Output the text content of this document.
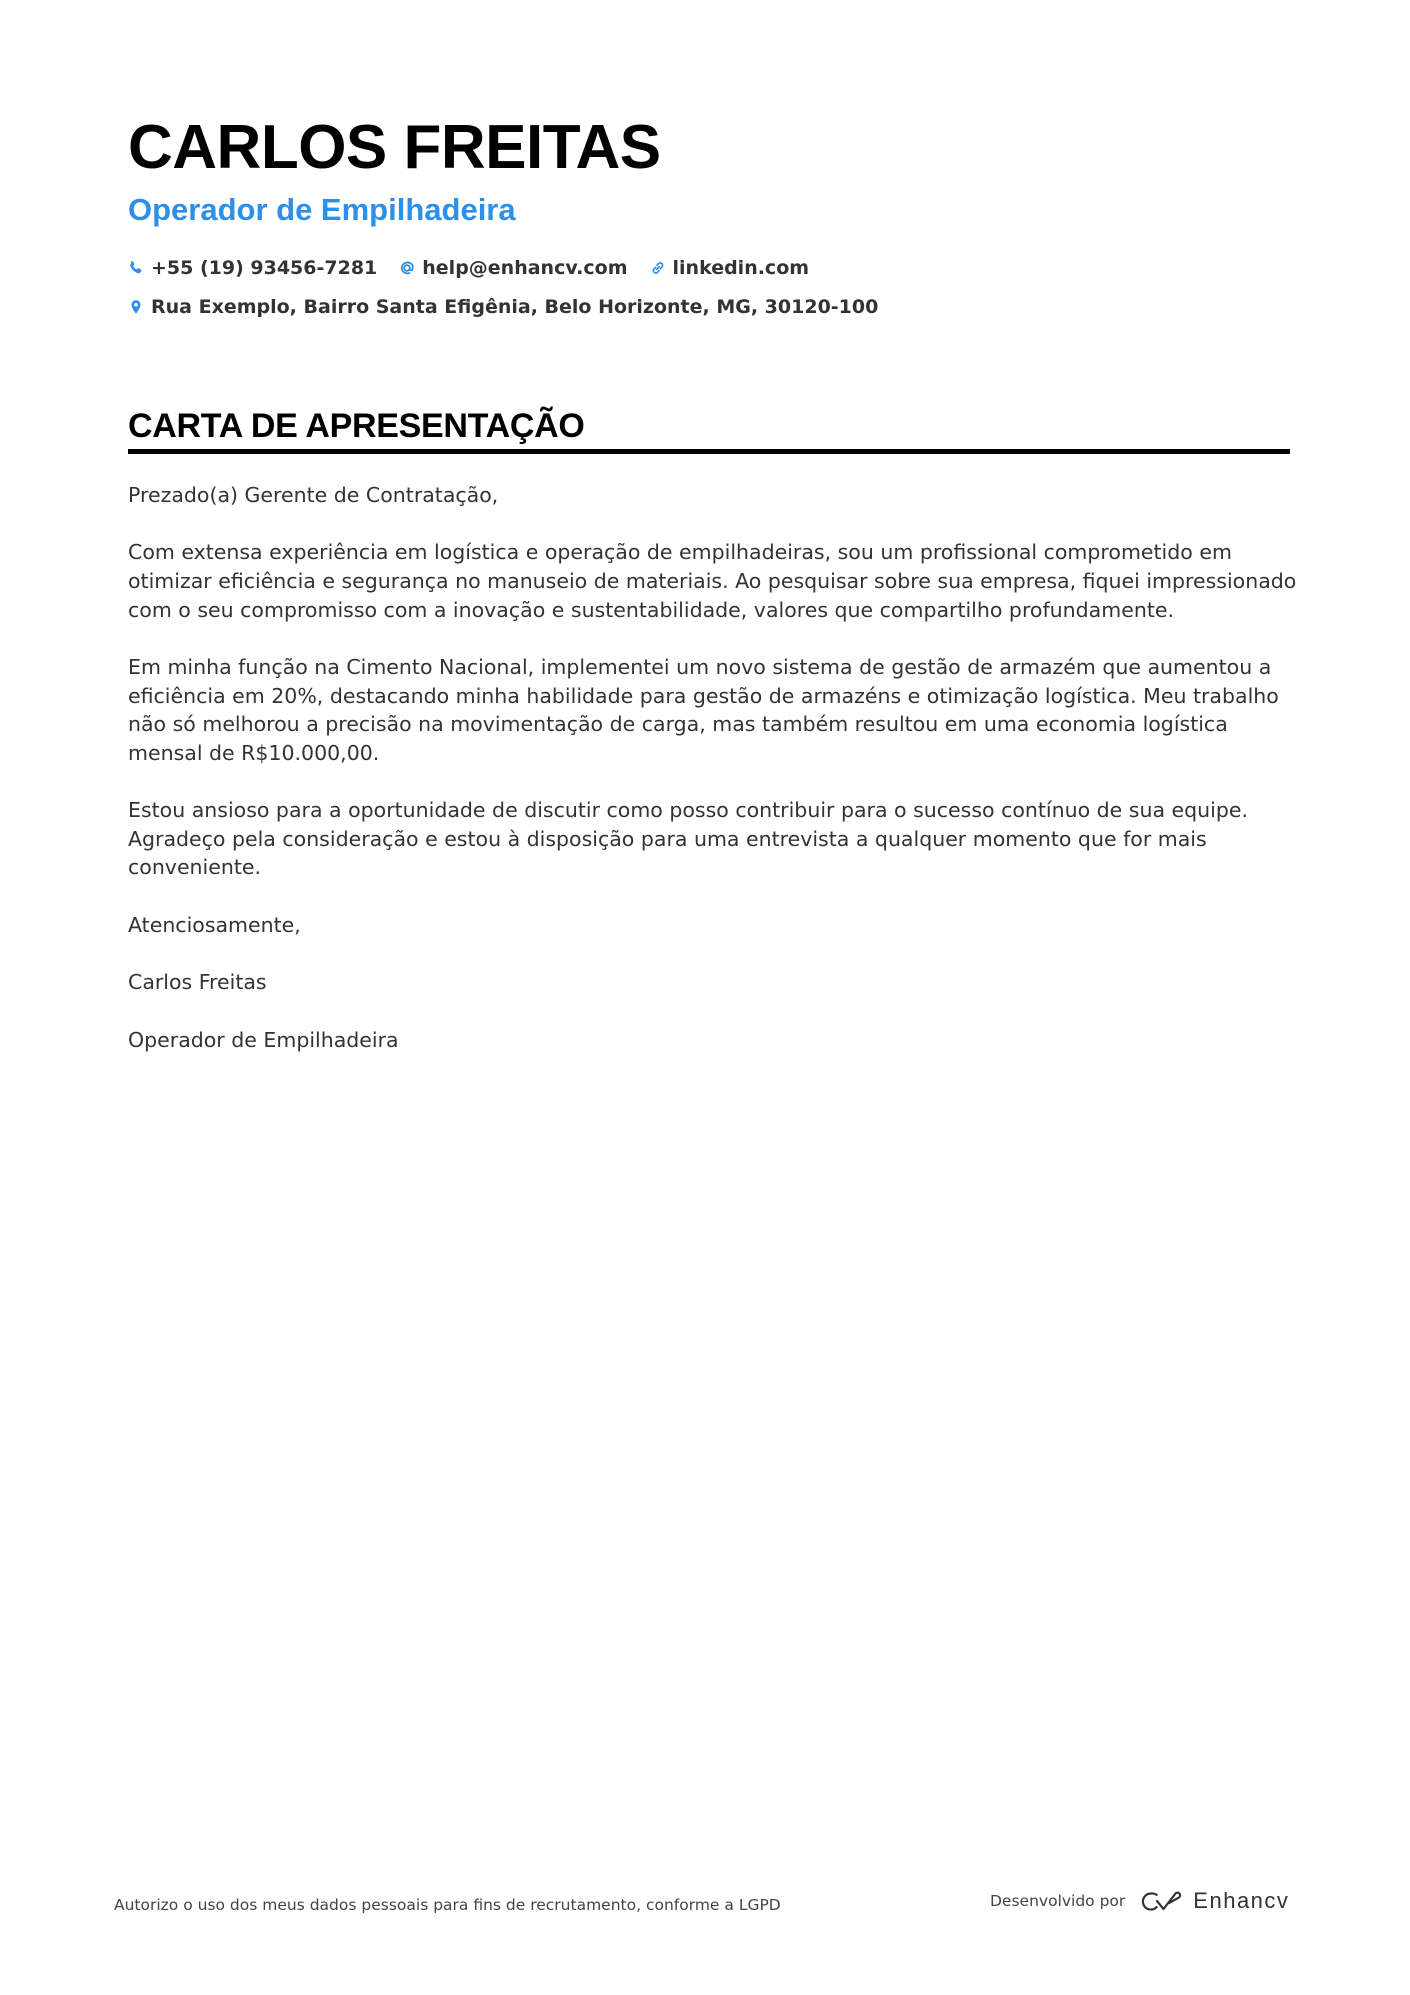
CARLOS FREITAS
Operador de Empilhadeira
+55 (19) 93456-7281 help@enhancv.com linkedin.com
Rua Exemplo, Bairro Santa Efigênia, Belo Horizonte, MG, 30120-100
CARTA DE APRESENTAÇÃO

Prezado(a) Gerente de Contratação,

Com extensa experiência em logística e operação de empilhadeiras, sou um profissional comprometido em otimizar eficiência e segurança no manuseio de materiais. Ao pesquisar sobre sua empresa, fiquei impressionado com o seu compromisso com a inovação e sustentabilidade, valores que compartilho profundamente.

Em minha função na Cimento Nacional, implementei um novo sistema de gestão de armazém que aumentou a eficiência em 20%, destacando minha habilidade para gestão de armazéns e otimização logística. Meu trabalho não só melhorou a precisão na movimentação de carga, mas também resultou em uma economia logística mensal de R$10.000,00.

Estou ansioso para a oportunidade de discutir como posso contribuir para o sucesso contínuo de sua equipe. Agradeço pela consideração e estou à disposição para uma entrevista a qualquer momento que for mais conveniente.

Atenciosamente,

Carlos Freitas

Operador de Empilhadeira

Autorizo o uso dos meus dados pessoais para fins de recrutamento, conforme a LGPD	Desenvolvido por	Enhancv
